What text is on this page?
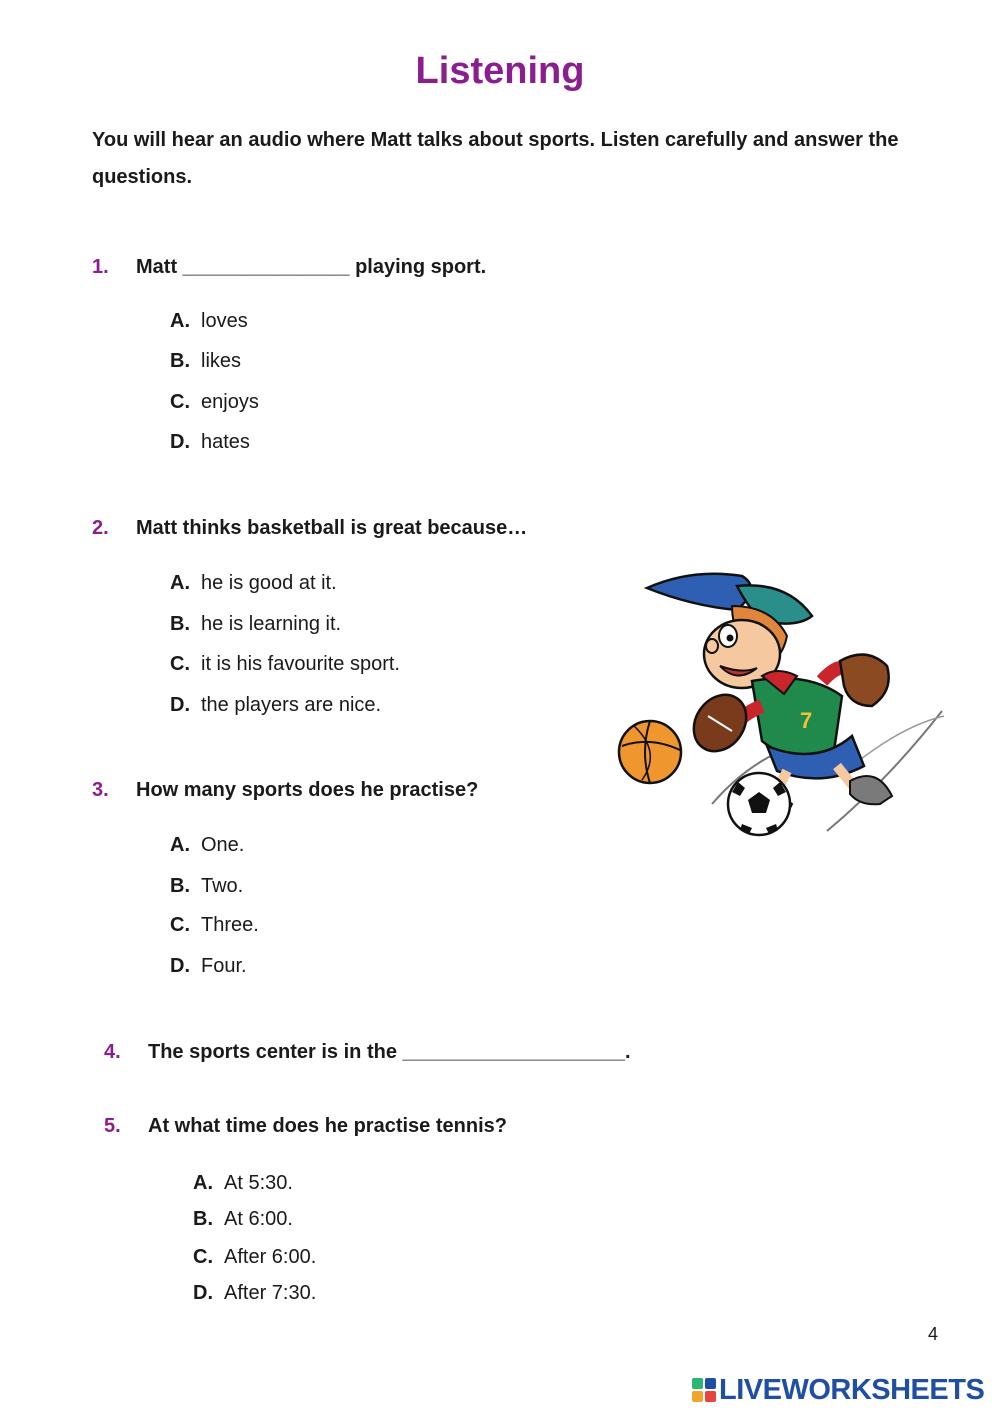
Listening

You will hear an audio where Matt talks about sports. Listen carefully and answer the questions.

1. Matt _______________ playing sport.
A. loves
B. likes
C. enjoys
D. hates
2. Matt thinks basketball is great because…
A. he is good at it.
B. he is learning it.
C. it is his favourite sport.
D. the players are nice.
3. How many sports does he practise?
A. One.
B. Two.
C. Three.
D. Four.
4. The sports center is in the ____________________.
5. At what time does he practise tennis?
A. At 5:30.
B. At 6:00.
C. After 6:00.
D. After 7:30.
7
4
LIVEWORKSHEETS
